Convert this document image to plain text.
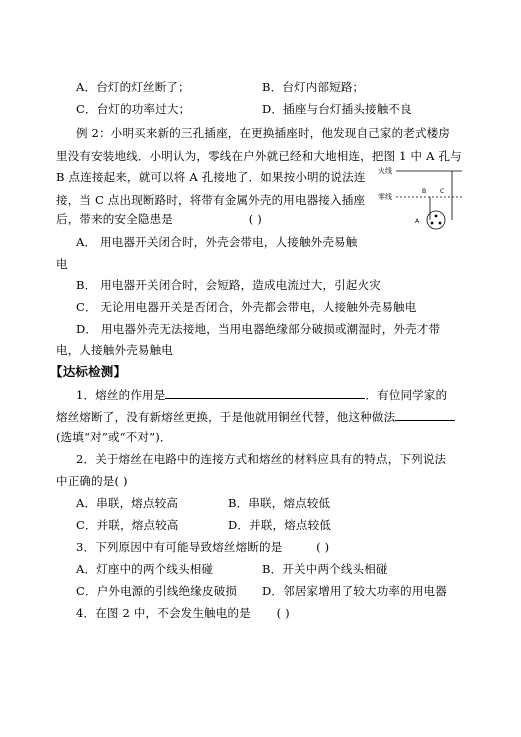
A．台灯的灯丝断了；	B．台灯内部短路；
C．台灯的功率过大；	D．插座与台灯插头接触不良
例 2：小明买来新的三孔插座，在更换插座时，他发现自己家的老式楼房
里没有安装地线．小明认为，零线在户外就已经和大地相连，把图 1 中 A 孔与
B 点连接起来，就可以将 A 孔接地了．如果按小明的说法连
接，当 C 点出现断路时，将带有金属外壳的用电器接入插座
后，带来的安全隐患是	( )
火线
零线
B C
A
A． 用电器开关闭合时，外壳会带电，人接触外壳易触
电
B． 用电器开关闭合时，会短路，造成电流过大，引起火灾
C． 无论用电器开关是否闭合，外壳都会带电，人接触外壳易触电
D． 用电器外壳无法接地，当用电器绝缘部分破损或潮湿时，外壳才带
电，人接触外壳易触电
【达标检测】
1．熔丝的作用是	．有位同学家的
熔丝熔断了，没有新熔丝更换，于是他就用铜丝代替，他这种做法
(选填“对”或“不对”)．
2．关于熔丝在电路中的连接方式和熔丝的材料应具有的特点，下列说法
中正确的是( )
A．串联，熔点较高	B．串联，熔点较低
C．并联，熔点较高	D．并联，熔点较低
3．下列原因中有可能导致熔丝熔断的是	( )
A．灯座中的两个线头相碰	B．开关中两个线头相碰
C．户外电源的引线绝缘皮破损 D．邻居家增用了较大功率的用电器
4．在图 2 中，不会发生触电的是 ( )
